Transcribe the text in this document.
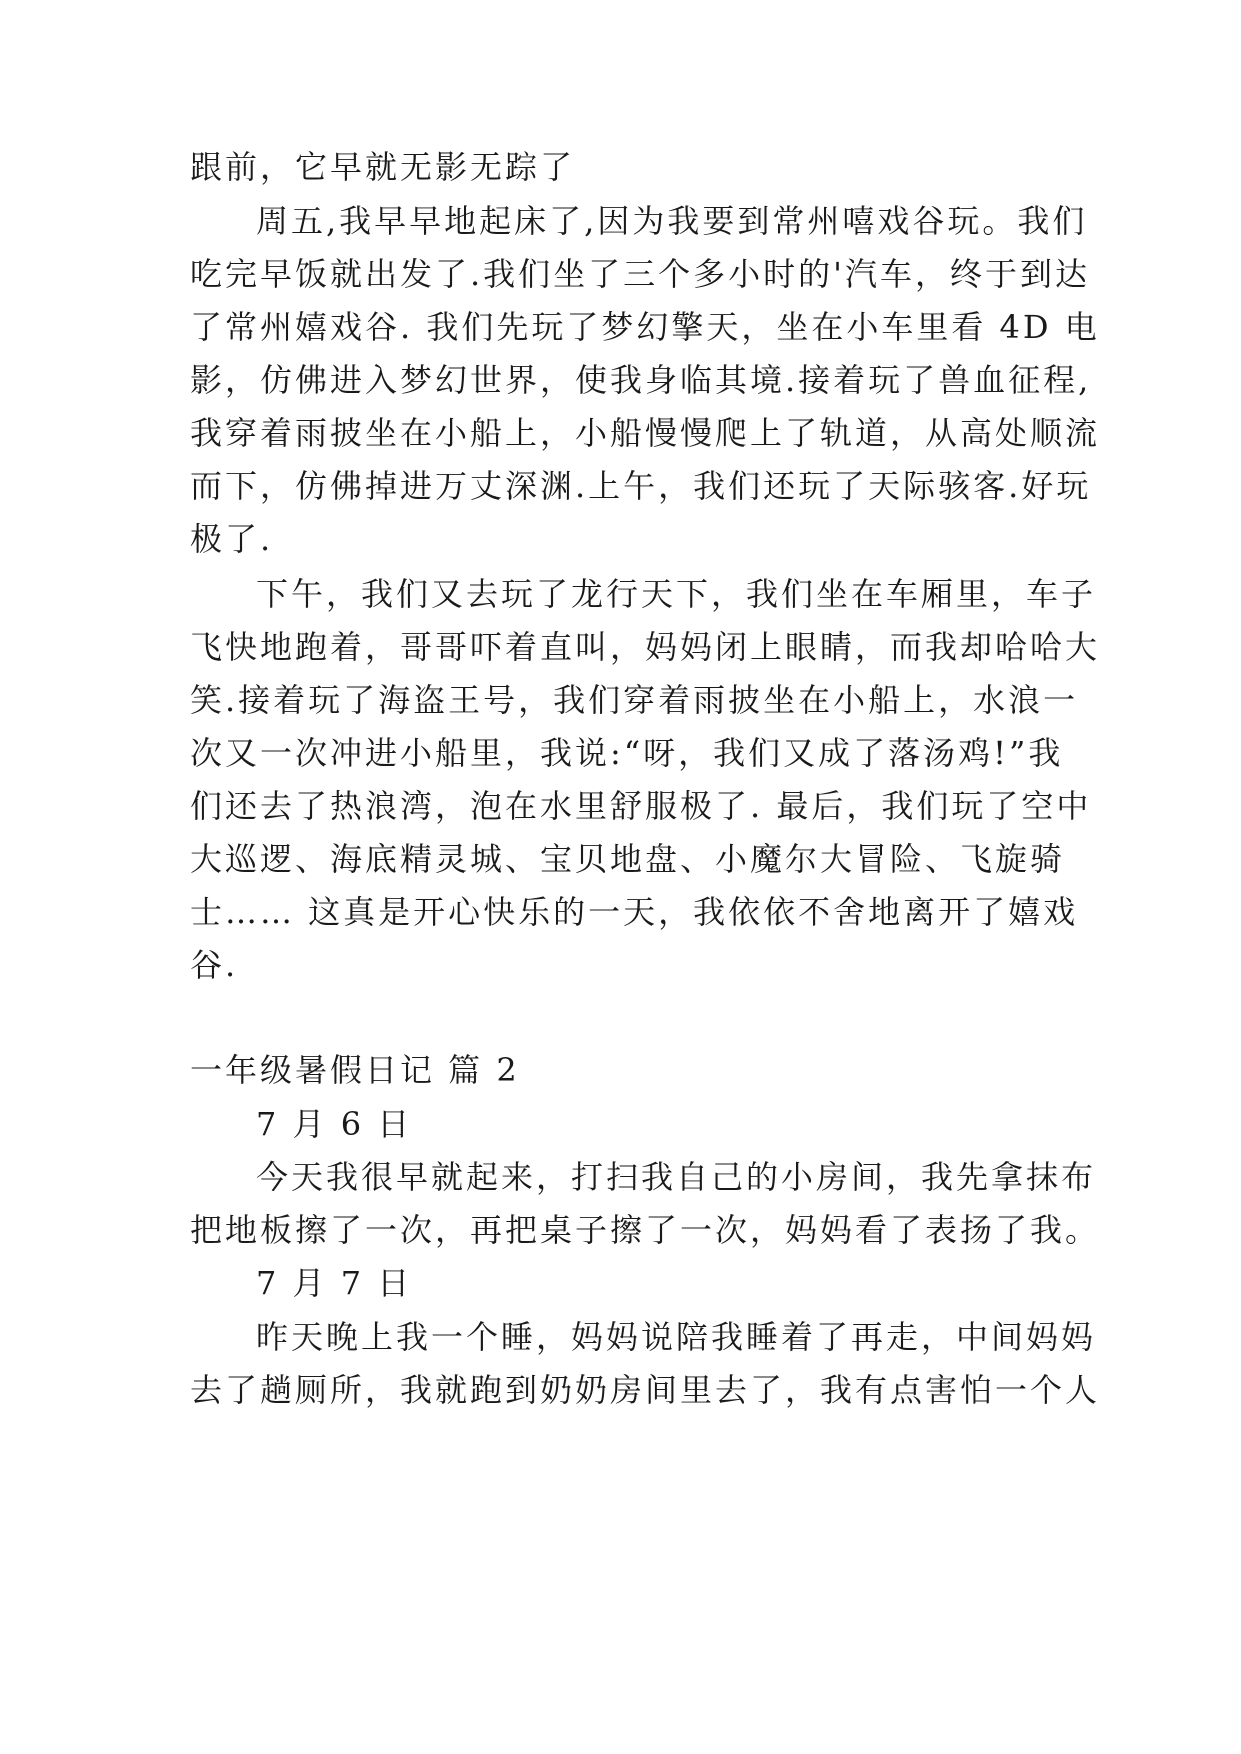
跟前，它早就无影无踪了
周五,我早早地起床了,因为我要到常州嘻戏谷玩。我们
吃完早饭就出发了.我们坐了三个多小时的'汽车，终于到达
了常州嬉戏谷. 我们先玩了梦幻擎天，坐在小车里看 4D 电
影，仿佛进入梦幻世界，使我身临其境.接着玩了兽血征程,
我穿着雨披坐在小船上，小船慢慢爬上了轨道，从高处顺流
而下，仿佛掉进万丈深渊.上午，我们还玩了天际骇客.好玩
极了.
下午，我们又去玩了龙行天下，我们坐在车厢里，车子
飞快地跑着，哥哥吓着直叫，妈妈闭上眼睛，而我却哈哈大
笑.接着玩了海盗王号，我们穿着雨披坐在小船上，水浪一
次又一次冲进小船里，我说:“呀，我们又成了落汤鸡!”我
们还去了热浪湾，泡在水里舒服极了. 最后，我们玩了空中
大巡逻、海底精灵城、宝贝地盘、小魔尔大冒险、飞旋骑
士…… 这真是开心快乐的一天，我依依不舍地离开了嬉戏
谷.
一年级暑假日记 篇 2
7 月 6 日
今天我很早就起来，打扫我自己的小房间，我先拿抹布
把地板擦了一次，再把桌子擦了一次，妈妈看了表扬了我。
7 月 7 日
昨天晚上我一个睡，妈妈说陪我睡着了再走，中间妈妈
去了趟厕所，我就跑到奶奶房间里去了，我有点害怕一个人
